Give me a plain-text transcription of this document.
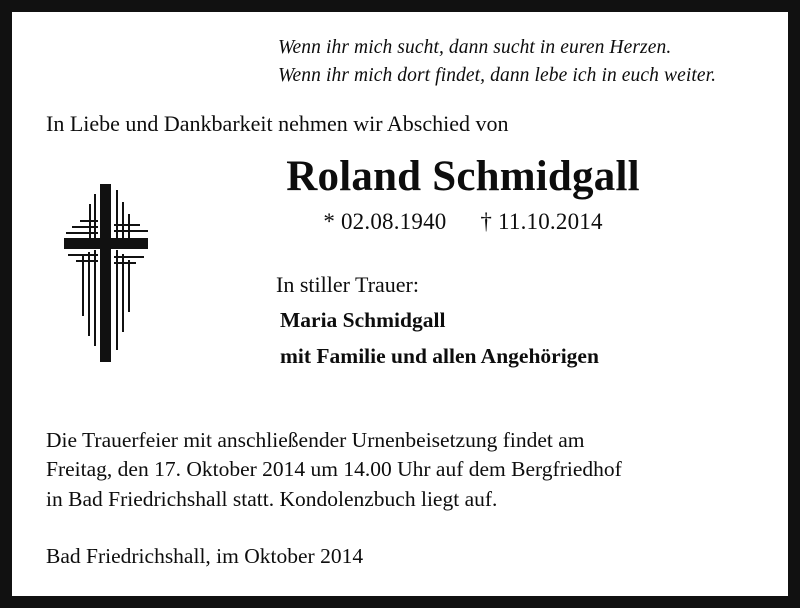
Wenn ihr mich sucht, dann sucht in euren Herzen.
Wenn ihr mich dort findet, dann lebe ich in euch weiter.
In Liebe und Dankbarkeit nehmen wir Abschied von
Roland Schmidgall
* 02.08.1940 † 11.10.2014
In stiller Trauer:
Maria Schmidgall
mit Familie und allen Angehörigen
Die Trauerfeier mit anschließender Urnenbeisetzung findet am
Freitag, den 17. Oktober 2014 um 14.00 Uhr auf dem Bergfriedhof
in Bad Friedrichshall statt. Kondolenzbuch liegt auf.
Bad Friedrichshall, im Oktober 2014
